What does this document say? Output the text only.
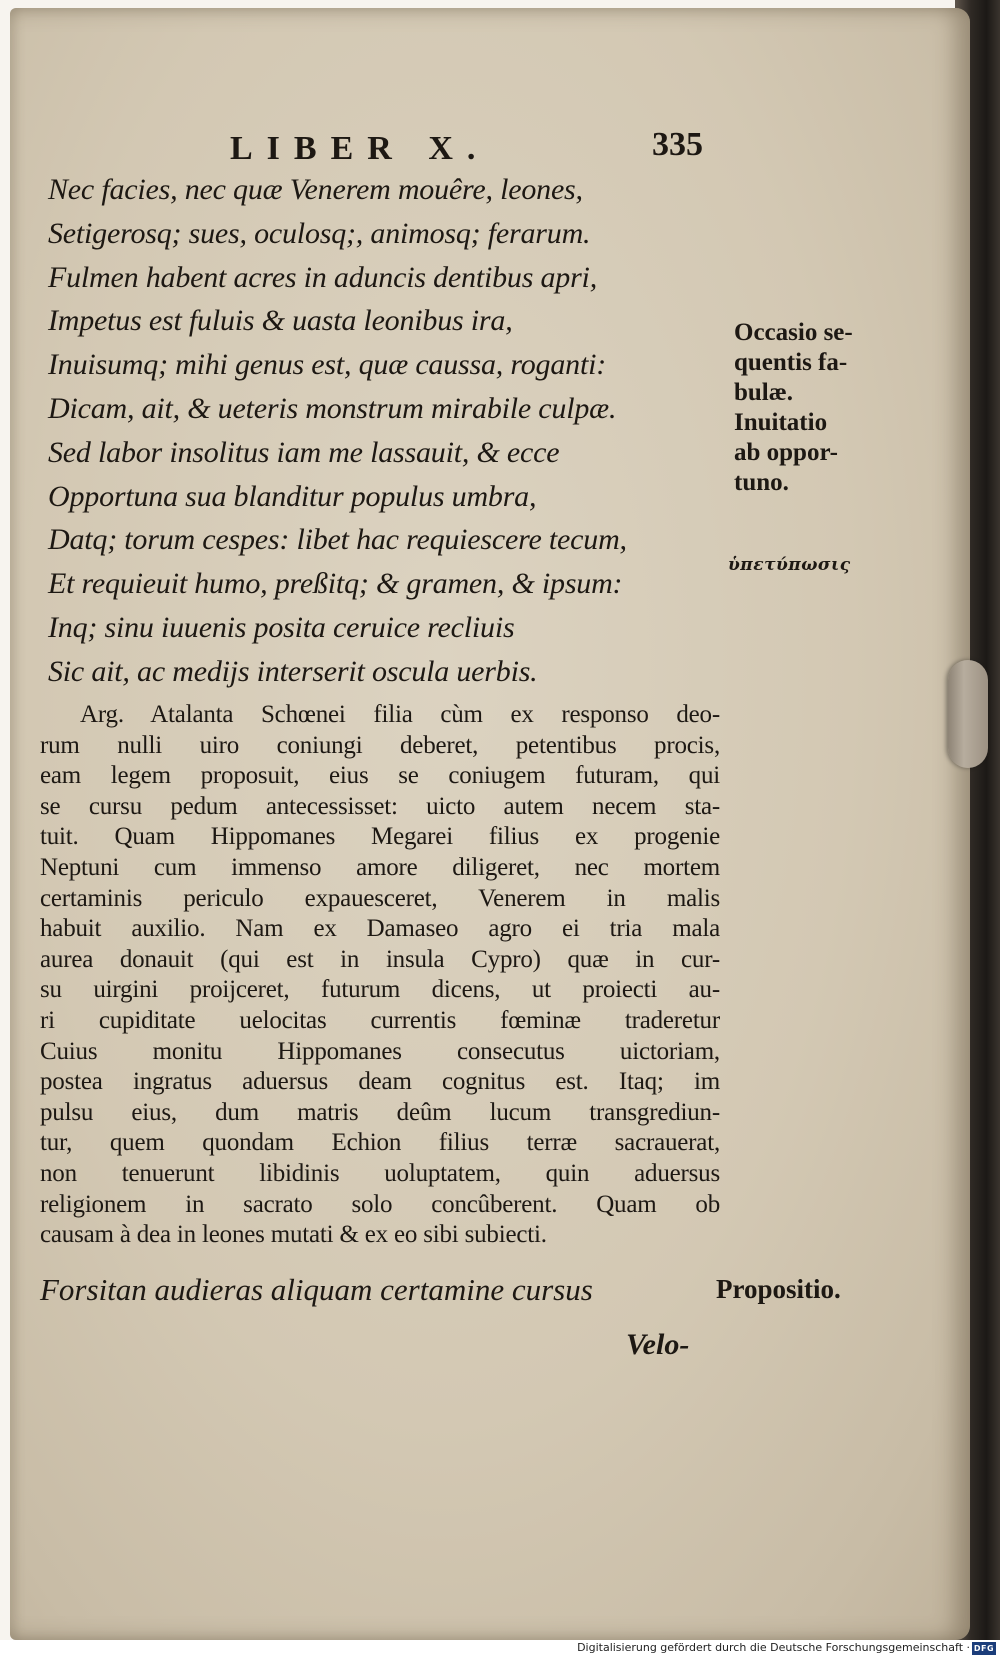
LIBER X.	335
Nec facies, nec quæ Venerem mouêre, leones,
Setigerosq; sues, oculosq;, animosq; ferarum.
Fulmen habent acres in aduncis dentibus apri,
Impetus est fuluis & uasta leonibus ira,
Inuisumq; mihi genus est, quæ caussa, roganti:
Dicam, ait, & ueteris monstrum mirabile culpæ.
Sed labor insolitus iam me lassauit, & ecce
Opportuna sua blanditur populus umbra,
Datq; torum cespes: libet hac requiescere tecum,
Et requieuit humo, preßitq; & gramen, & ipsum:
Inq; sinu iuuenis posita ceruice recliuis
Sic ait, ac medijs interserit oscula uerbis.
Occasio se-
quentis fa-
bulæ.
Inuitatio
ab oppor-
tuno.
ὑπετύπωσις
Arg. Atalanta Schœnei filia cùm ex responso deo-
rum nulli uiro coniungi deberet, petentibus procis,
eam legem proposuit, eius se coniugem futuram, qui
se cursu pedum antecessisset: uicto autem necem sta-
tuit. Quam Hippomanes Megarei filius ex progenie
Neptuni cum immenso amore diligeret, nec mortem
certaminis periculo expauesceret, Venerem in malis
habuit auxilio. Nam ex Damaseo agro ei tria mala
aurea donauit (qui est in insula Cypro) quæ in cur-
su uirgini proijceret, futurum dicens, ut proiecti au-
ri cupiditate uelocitas currentis fœminæ traderetur
Cuius monitu Hippomanes consecutus uictoriam,
postea ingratus aduersus deam cognitus est. Itaq; im
pulsu eius, dum matris deûm lucum transgrediun-
tur, quem quondam Echion filius terræ sacrauerat,
non tenuerunt libidinis uoluptatem, quin aduersus
religionem in sacrato solo concûberent. Quam ob
causam à dea in leones mutati & ex eo sibi subiecti.
Forsitan audieras aliquam certamine cursus	Propositio.
Velo-
Digitalisierung gefördert durch die Deutsche Forschungsgemeinschaft · DFG
